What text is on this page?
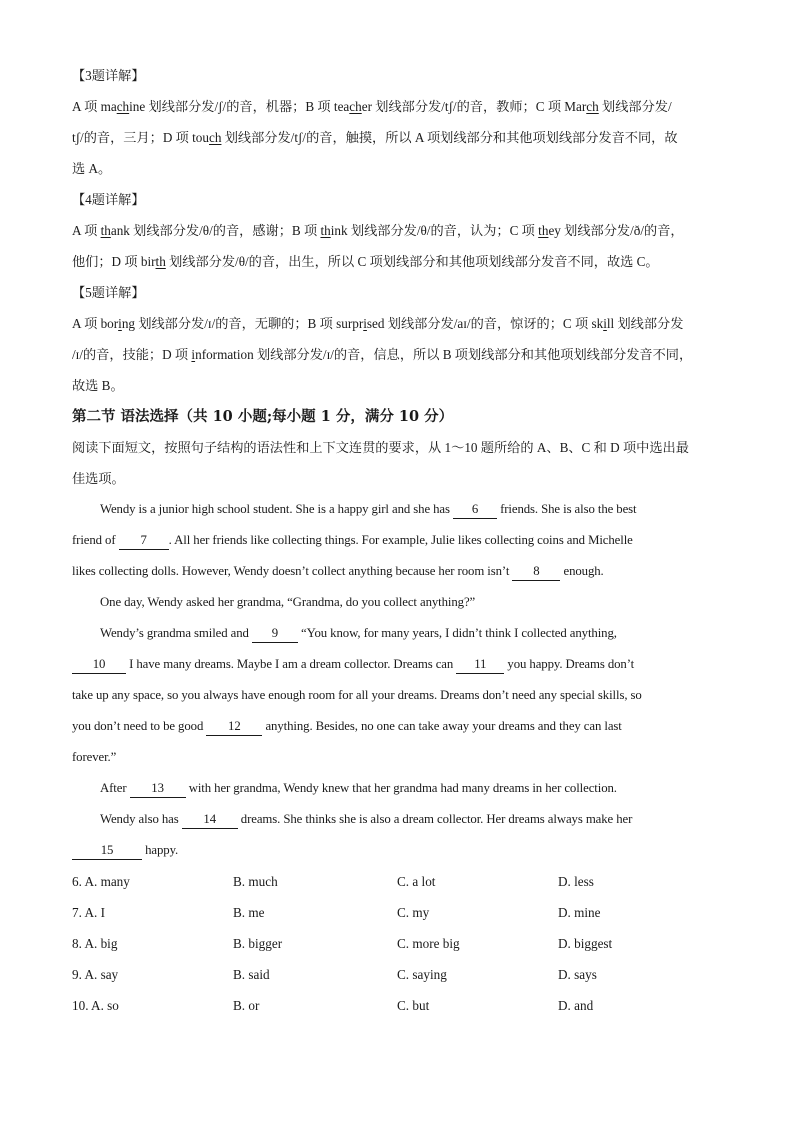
【3题详解】
A 项 machine 划线部分发/ʃ/的音，机器；B 项 teacher 划线部分发/tʃ/的音，教师；C 项 March 划线部分发/
tʃ/的音，三月；D 项 touch 划线部分发/tʃ/的音，触摸，所以 A 项划线部分和其他项划线部分发音不同，故
选 A。
【4题详解】
A 项 thank 划线部分发/θ/的音，感谢；B 项 think 划线部分发/θ/的音，认为；C 项 they 划线部分发/ð/的音，
他们；D 项 birth 划线部分发/θ/的音，出生，所以 C 项划线部分和其他项划线部分发音不同，故选 C。
【5题详解】
A 项 boring 划线部分发/ɪ/的音，无聊的；B 项 surprised 划线部分发/aɪ/的音，惊讶的；C 项 skill 划线部分发
/ɪ/的音，技能；D 项 information 划线部分发/ɪ/的音，信息，所以 B 项划线部分和其他项划线部分发音不同，
故选 B。
第二节 语法选择（共 10 小题;每小题 1 分，满分 10 分）
阅读下面短文，按照句子结构的语法性和上下文连贯的要求，从 1～10 题所给的 A、B、C 和 D 项中选出最
佳选项。
Wendy is a junior high school student. She is a happy girl and she has 6 friends. She is also the best
friend of 7 . All her friends like collecting things. For example, Julie likes collecting coins and Michelle
likes collecting dolls. However, Wendy doesn’t collect anything because her room isn’t 8 enough.
One day, Wendy asked her grandma, “Grandma, do you collect anything?”
Wendy’s grandma smiled and 9 “You know, for many years, I didn’t think I collected anything,
10 I have many dreams. Maybe I am a dream collector. Dreams can 11 you happy. Dreams don’t
take up any space, so you always have enough room for all your dreams. Dreams don’t need any special skills, so
you don’t need to be good 12 anything. Besides, no one can take away your dreams and they can last
forever.”
After 13 with her grandma, Wendy knew that her grandma had many dreams in her collection.
Wendy also has 14 dreams. She thinks she is also a dream collector. Her dreams always make her
15 happy.
6. A. many	B. much	C. a lot	D. less
7. A. I	B. me	C. my	D. mine
8. A. big	B. bigger	C. more big	D. biggest
9. A. say	B. said	C. saying	D. says
10. A. so	B. or	C. but	D. and
